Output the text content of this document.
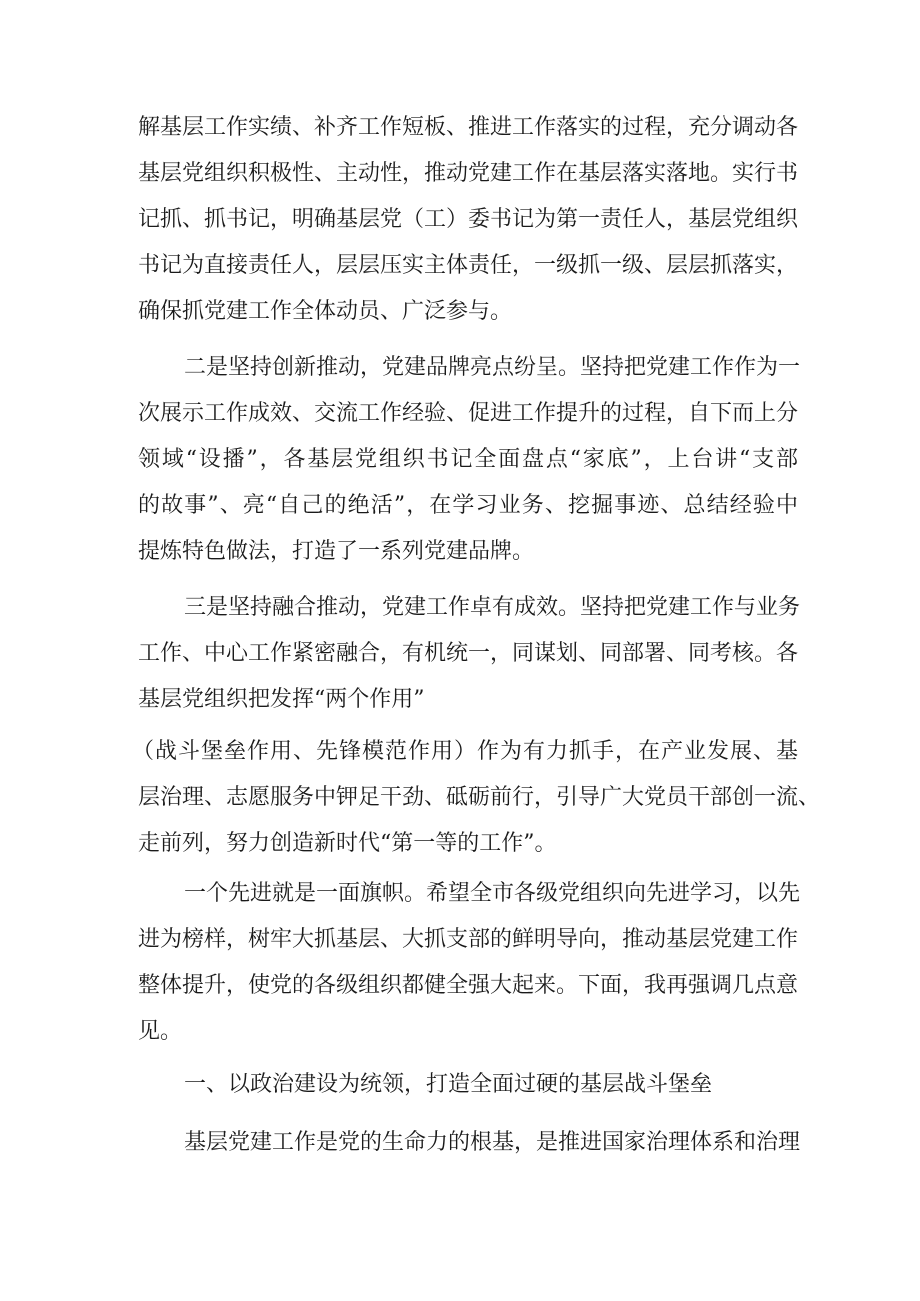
解基层工作实绩、补齐工作短板、推进工作落实的过程，充分调动各
基层党组织积极性、主动性，推动党建工作在基层落实落地。实行书
记抓、抓书记，明确基层党（工）委书记为第一责任人，基层党组织
书记为直接责任人，层层压实主体责任，一级抓一级、层层抓落实，
确保抓党建工作全体动员、广泛参与。
二是坚持创新推动，党建品牌亮点纷呈。坚持把党建工作作为一
次展示工作成效、交流工作经验、促进工作提升的过程，自下而上分
领域“设播”，各基层党组织书记全面盘点“家底”，上台讲“支部
的故事”、亮“自己的绝活”，在学习业务、挖掘事迹、总结经验中
提炼特色做法，打造了一系列党建品牌。
三是坚持融合推动，党建工作卓有成效。坚持把党建工作与业务
工作、中心工作紧密融合，有机统一，同谋划、同部署、同考核。各
基层党组织把发挥“两个作用”
（战斗堡垒作用、先锋模范作用）作为有力抓手，在产业发展、基
层治理、志愿服务中钾足干劲、砥砺前行，引导广大党员干部创一流、
走前列，努力创造新时代“第一等的工作”。
一个先进就是一面旗帜。希望全市各级党组织向先进学习，以先
进为榜样，树牢大抓基层、大抓支部的鲜明导向，推动基层党建工作
整体提升，使党的各级组织都健全强大起来。下面，我再强调几点意
见。
一、以政治建设为统领，打造全面过硬的基层战斗堡垒
基层党建工作是党的生命力的根基，是推进国家治理体系和治理
